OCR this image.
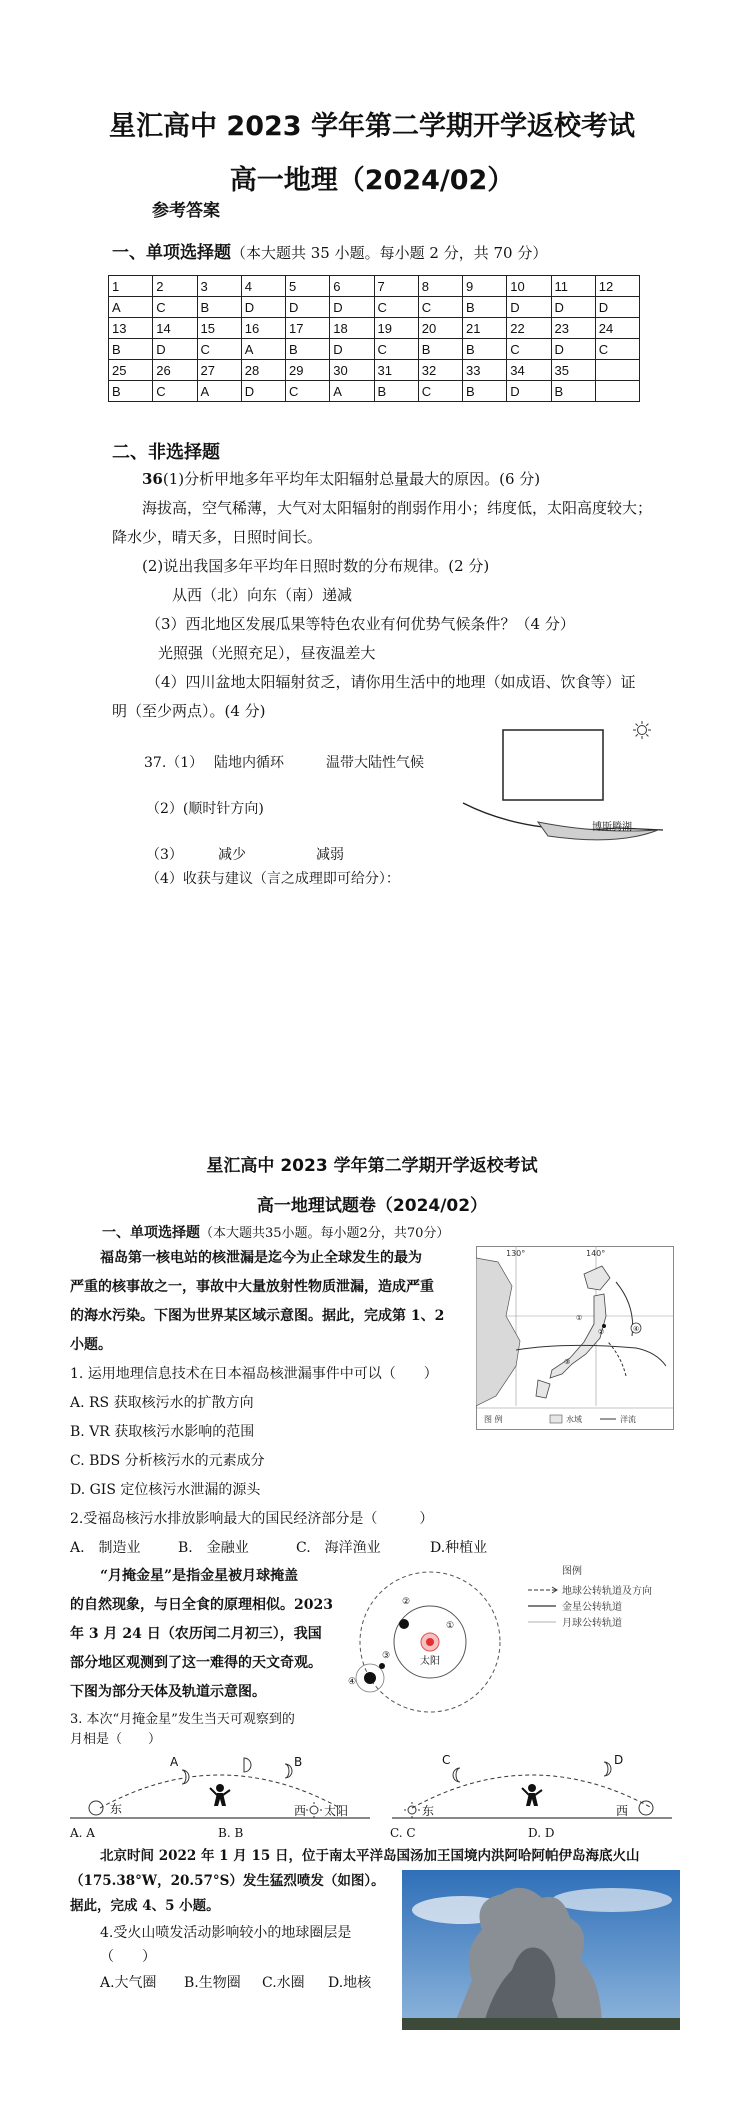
星汇高中 2023 学年第二学期开学返校考试
高一地理（2024/02）
参考答案
一、单项选择题（本大题共 35 小题。每小题 2 分，共 70 分）
1	2	3	4	5	6	7	8	9	10	11	12
A	C	B	D	D	D	C	C	B	D	D	D
13	14	15	16	17	18	19	20	21	22	23	24
B	D	C	A	B	D	C	B	B	C	D	C
25	26	27	28	29	30	31	32	33	34	35	
B	C	A	D	C	A	B	C	B	D	B	
二、非选择题
36(1)分析甲地多年平均年太阳辐射总量最大的原因。(6 分)
海拔高，空气稀薄，大气对太阳辐射的削弱作用小；纬度低，太阳高度较大；
降水少，晴天多，日照时间长。
(2)说出我国多年平均年日照时数的分布规律。(2 分)
从西（北）向东（南）递减
（3）西北地区发展瓜果等特色农业有何优势气候条件？（4 分）
光照强（光照充足），昼夜温差大
（4）四川盆地太阳辐射贫乏，请你用生活中的地理（如成语、饮食等）证
明（至少两点）。(4 分)
37.（1） 陆地内循环	温带大陆性气候
（2）(顺时针方向)
（3）	减少	减弱
（4）收获与建议（言之成理即可给分）：
博斯腾湖
星汇高中 2023 学年第二学期开学返校考试
高一地理试题卷（2024/02）
一、单项选择题（本大题共35小题。每小题2分，共70分）
福岛第一核电站的核泄漏是迄今为止全球发生的最为
严重的核事故之一，事故中大量放射性物质泄漏，造成严重
的海水污染。下图为世界某区域示意图。据此，完成第 1、2
小题。
1. 运用地理信息技术在日本福岛核泄漏事件中可以（　　）
A. RS 获取核污水的扩散方向
B. VR 获取核污水影响的范围
C. BDS 分析核污水的元素成分
D. GIS 定位核污水泄漏的源头
2.受福岛核污水排放影响最大的国民经济部分是（　　　）
A.　制造业	B.　金融业	C.　海洋渔业	D.种植业
130°	140°
④
①
②
③
图 例	水域	洋流
“月掩金星”是指金星被月球掩盖
的自然现象，与日全食的原理相似。2023
年 3 月 24 日（农历闰二月初三），我国
部分地区观测到了这一难得的天文奇观。
下图为部分天体及轨道示意图。
3. 本次“月掩金星”发生当天可观察到的
月相是（　　）
太阳
①
②
③
④
图例
地球公转轨道及方向
金星公转轨道
月球公转轨道
东
A	B
西 太阳	东
C	D
西
A. A	B. B	C. C	D. D
北京时间 2022 年 1 月 15 日，位于南太平洋岛国汤加王国境内洪阿哈阿帕伊岛海底火山
（175.38°W，20.57°S）发生猛烈喷发（如图）。
据此，完成 4、5 小题。
4.受火山喷发活动影响较小的地球圈层是
（　　）
A.大气圈 B.生物圈 C.水圈 D.地核
